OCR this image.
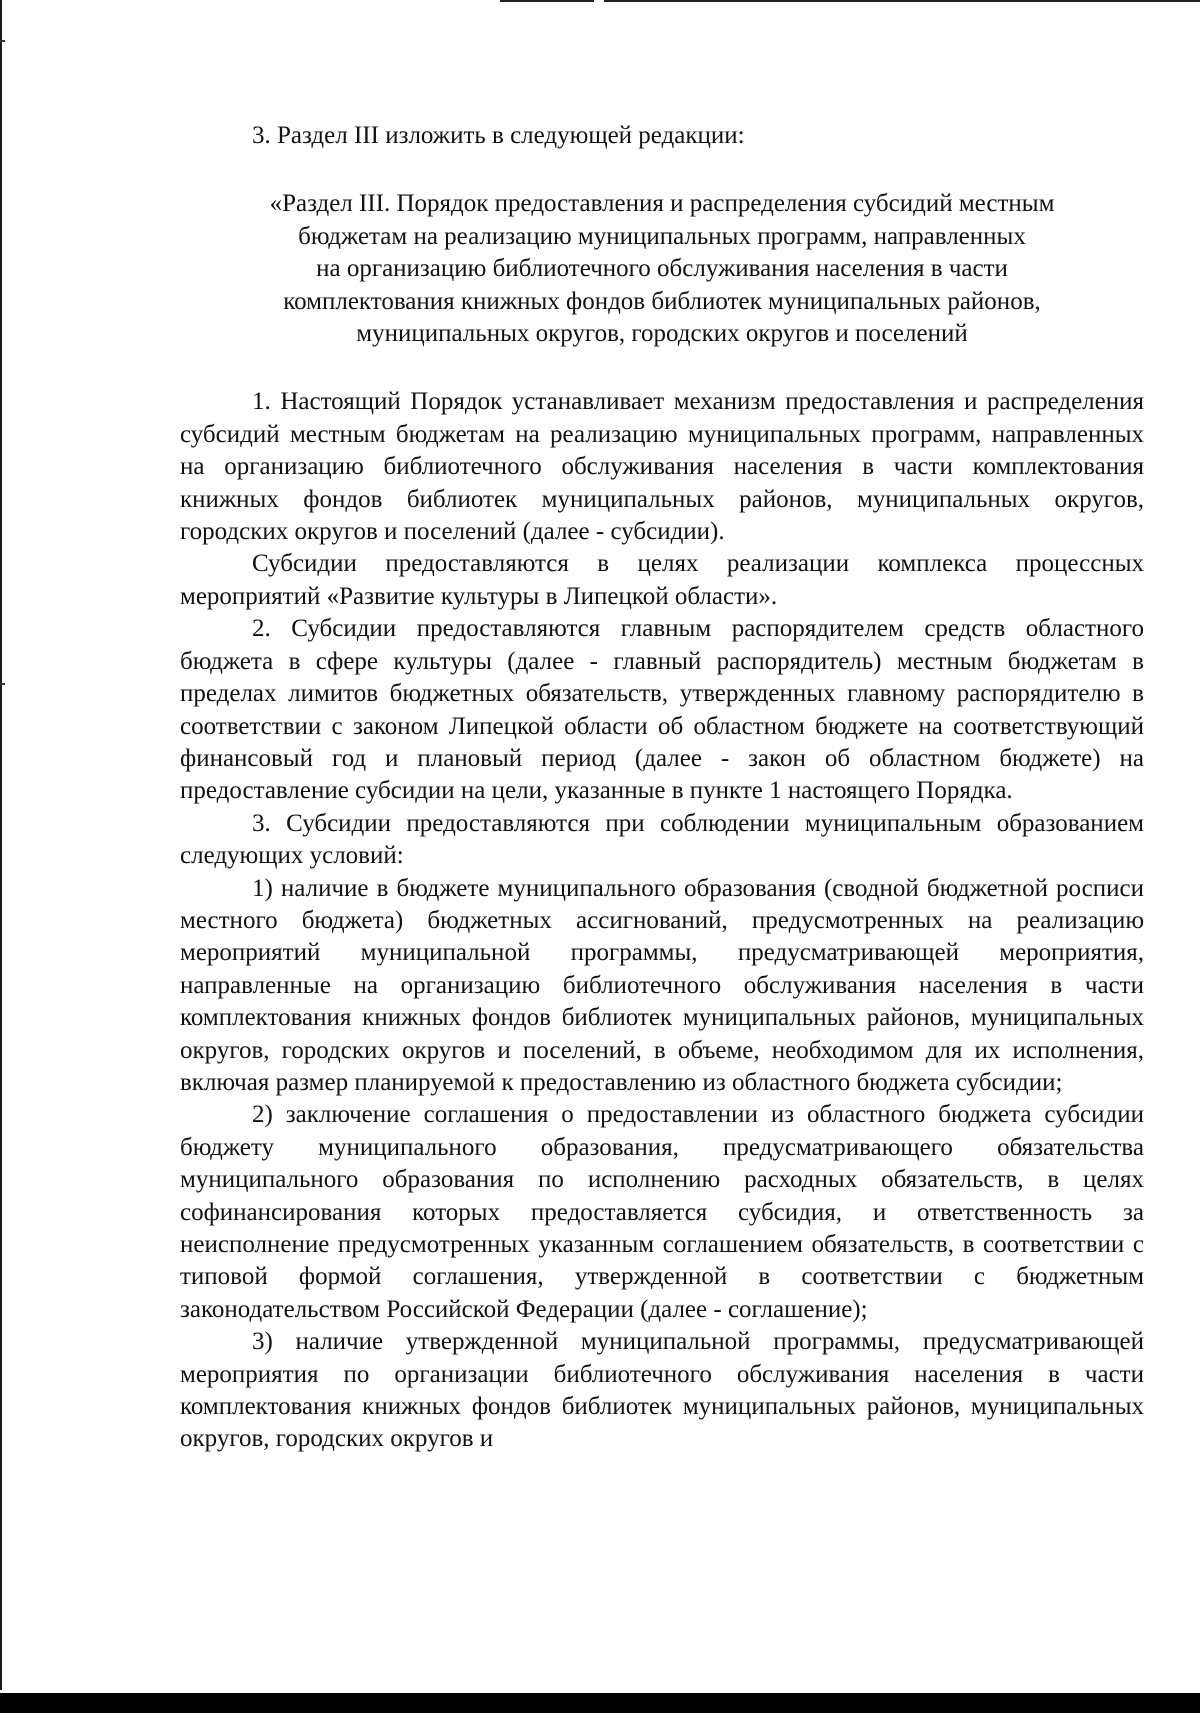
3. Раздел III изложить в следующей редакции:

«Раздел III. Порядок предоставления и распределения субсидий местным
бюджетам на реализацию муниципальных программ, направленных
на организацию библиотечного обслуживания населения в части
комплектования книжных фондов библиотек муниципальных районов,
муниципальных округов, городских округов и поселений

1. Настоящий Порядок устанавливает механизм предоставления и распределения субсидий местным бюджетам на реализацию муниципальных программ, направленных на организацию библиотечного обслуживания населения в части комплектования книжных фондов библиотек муниципальных районов, муниципальных округов, городских округов и поселений (далее - субсидии).

Субсидии предоставляются в целях реализации комплекса процессных мероприятий «Развитие культуры в Липецкой области».

2. Субсидии предоставляются главным распорядителем средств областного бюджета в сфере культуры (далее - главный распорядитель) местным бюджетам в пределах лимитов бюджетных обязательств, утвержденных главному распорядителю в соответствии с законом Липецкой области об областном бюджете на соответствующий финансовый год и плановый период (далее - закон об областном бюджете) на предоставление субсидии на цели, указанные в пункте 1 настоящего Порядка.

3. Субсидии предоставляются при соблюдении муниципальным образованием следующих условий:

1) наличие в бюджете муниципального образования (сводной бюджетной росписи местного бюджета) бюджетных ассигнований, предусмотренных на реализацию мероприятий муниципальной программы, предусматривающей мероприятия, направленные на организацию библиотечного обслуживания населения в части комплектования книжных фондов библиотек муниципальных районов, муниципальных округов, городских округов и поселений, в объеме, необходимом для их исполнения, включая размер планируемой к предоставлению из областного бюджета субсидии;

2) заключение соглашения о предоставлении из областного бюджета субсидии бюджету муниципального образования, предусматривающего обязательства муниципального образования по исполнению расходных обязательств, в целях софинансирования которых предоставляется субсидия, и ответственность за неисполнение предусмотренных указанным соглашением обязательств, в соответствии с типовой формой соглашения, утвержденной в соответствии с бюджетным законодательством Российской Федерации (далее - соглашение);

3) наличие утвержденной муниципальной программы, предусматривающей мероприятия по организации библиотечного обслуживания населения в части комплектования книжных фондов библиотек муниципальных районов, муниципальных округов, городских округов и
